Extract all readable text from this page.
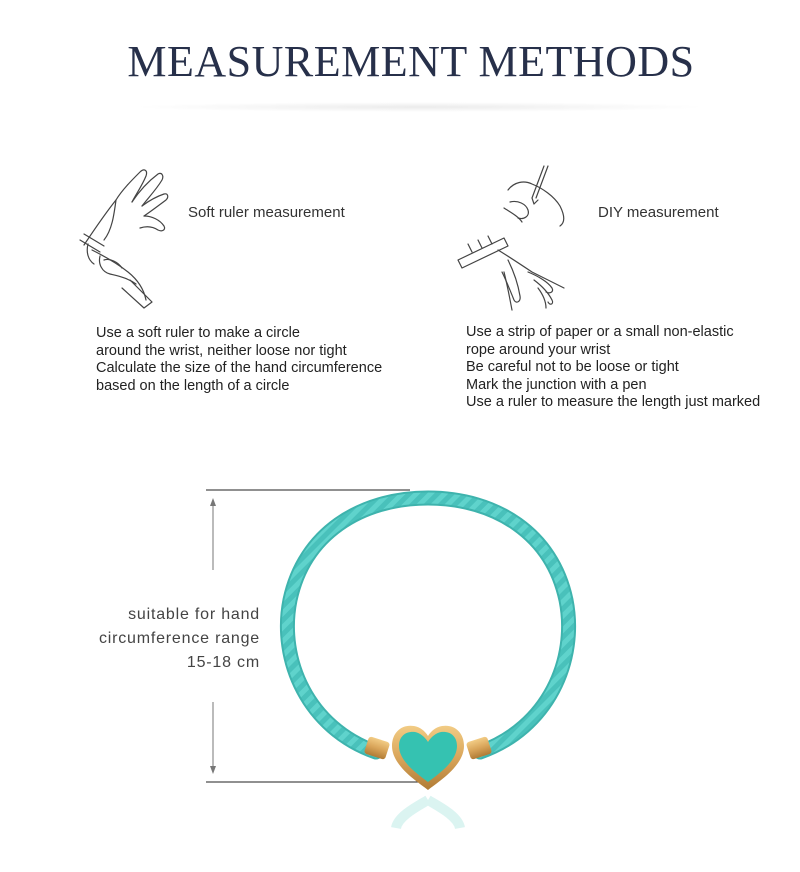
MEASUREMENT METHODS
Soft ruler measurement
Use a soft ruler to make a circle
around the wrist, neither loose nor tight
Calculate the size of the hand circumference
based on the length of a circle
DIY measurement
Use a strip of paper or a small non-elastic
rope around your wrist
Be careful not to be loose or tight
Mark the junction with a pen
Use a ruler to measure the length just marked
suitable for hand
circumference range
15-18 cm
